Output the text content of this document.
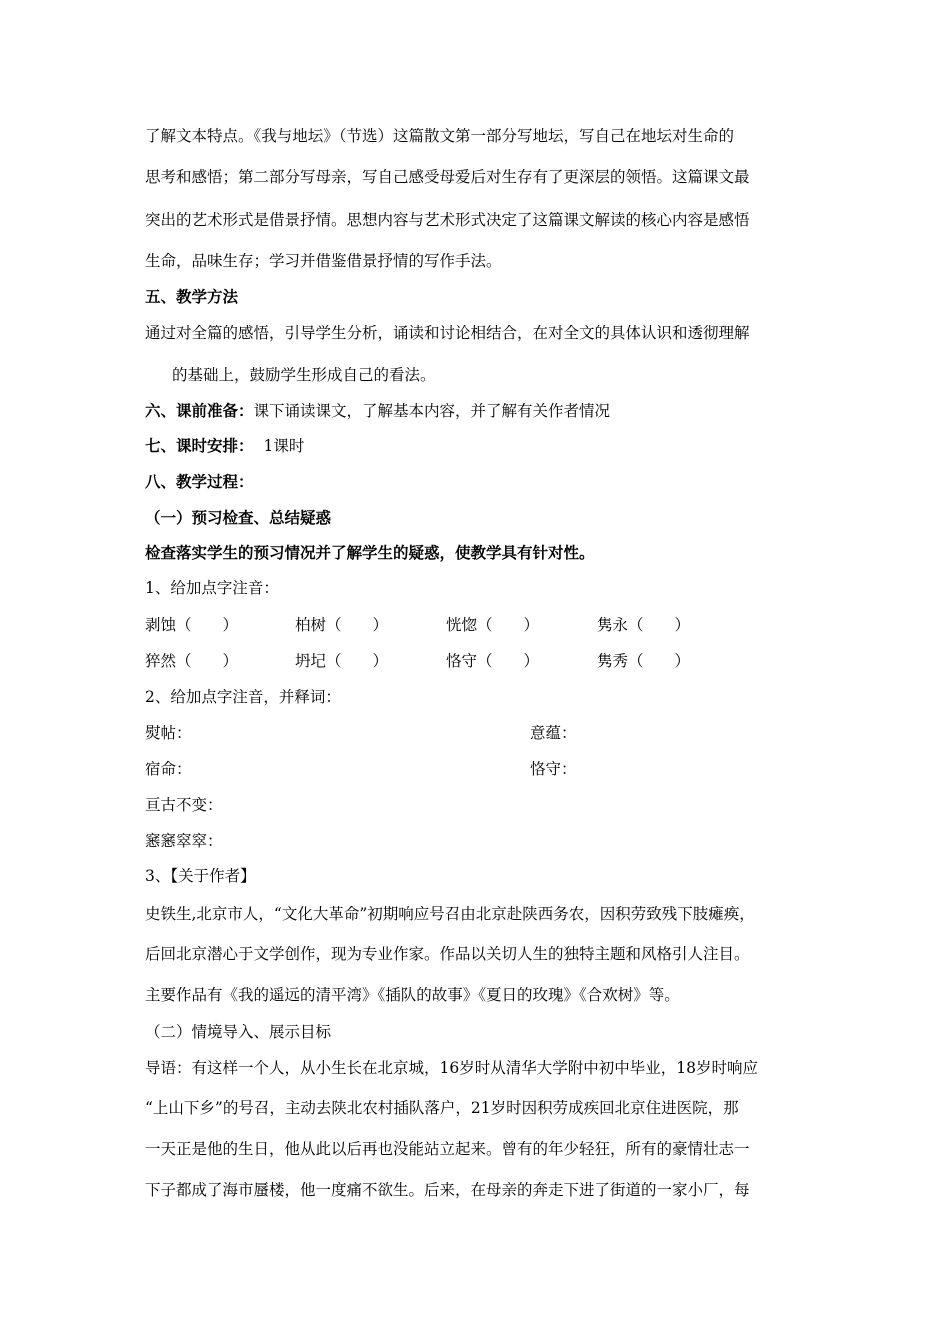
了解文本特点。《我与地坛》（节选）这篇散文第一部分写地坛，写自己在地坛对生命的
思考和感悟；第二部分写母亲，写自己感受母爱后对生存有了更深层的领悟。这篇课文最
突出的艺术形式是借景抒情。思想内容与艺术形式决定了这篇课文解读的核心内容是感悟
生命，品味生存；学习并借鉴借景抒情的写作手法。
五、教学方法
通过对全篇的感悟，引导学生分析，诵读和讨论相结合，在对全文的具体认识和透彻理解
的基础上，鼓励学生形成自己的看法。
六、课前准备：课下诵读课文，了解基本内容，并了解有关作者情况
七、课时安排： 1课时
八、教学过程：
（一）预习检查、总结疑惑
检查落实学生的预习情况并了解学生的疑惑，使教学具有针对性。
1、给加点字注音：
剥蚀（　　）	柏树（　　）	恍惚（　　）	隽永（　　）
猝然（　　）	坍圮（　　）	恪守（　　）	隽秀（　　）
2、给加点字注音，并释词：
熨帖：	意蕴：
宿命：	恪守：
亘古不变：
窸窸窣窣：
3、【关于作者】
史铁生,北京市人，“文化大革命”初期响应号召由北京赴陕西务农，因积劳致残下肢瘫痪，
后回北京潜心于文学创作，现为专业作家。作品以关切人生的独特主题和风格引人注目。
主要作品有《我的遥远的清平湾》《插队的故事》《夏日的玫瑰》《合欢树》等。
（二）情境导入、展示目标
导语：有这样一个人，从小生长在北京城，16岁时从清华大学附中初中毕业，18岁时响应
“上山下乡”的号召，主动去陕北农村插队落户，21岁时因积劳成疾回北京住进医院，那
一天正是他的生日，他从此以后再也没能站立起来。曾有的年少轻狂，所有的豪情壮志一
下子都成了海市蜃楼，他一度痛不欲生。后来，在母亲的奔走下进了街道的一家小厂，每
